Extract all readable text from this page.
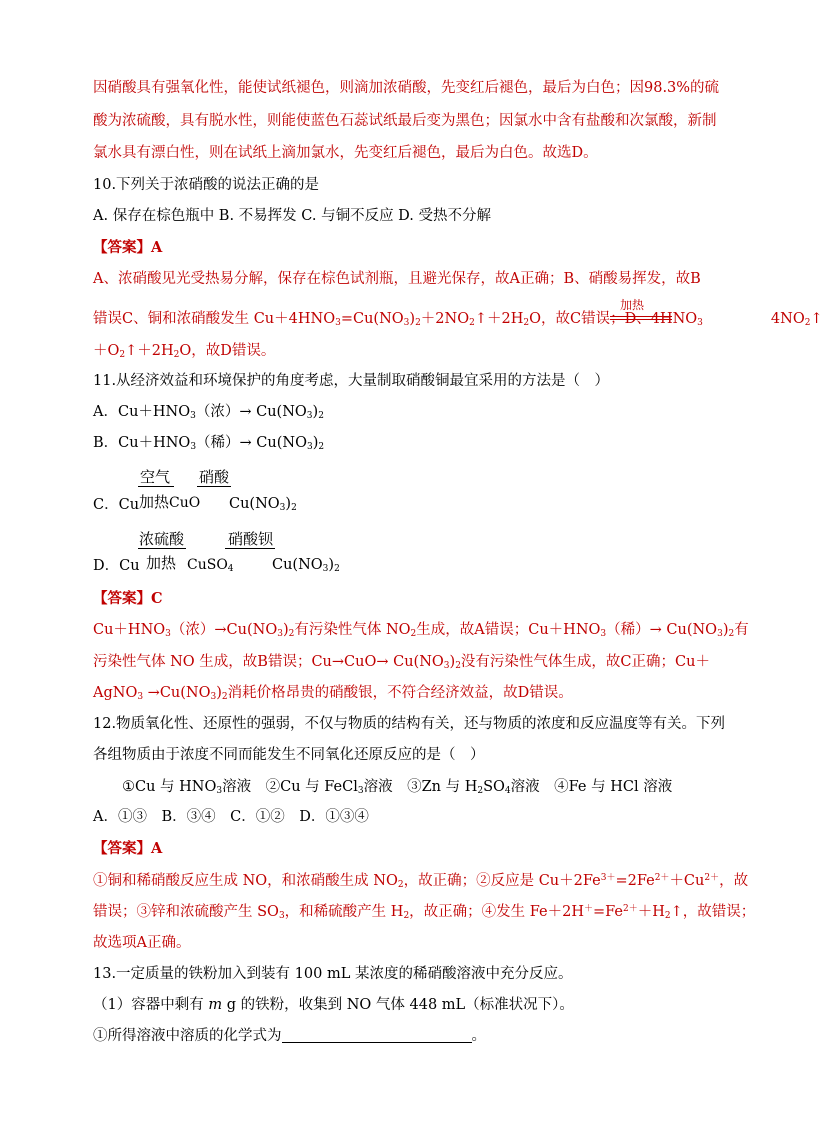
因硝酸具有强氧化性，能使试纸褪色，则滴加浓硝酸，先变红后褪色，最后为白色；因98.3%的硫
酸为浓硫酸，具有脱水性，则能使蓝色石蕊试纸最后变为黑色；因氯水中含有盐酸和次氯酸，新制
氯水具有漂白性，则在试纸上滴加氯水，先变红后褪色，最后为白色。故选D。
10.下列关于浓硝酸的说法正确的是
A. 保存在棕色瓶中 B. 不易挥发 C. 与铜不反应 D. 受热不分解
【答案】A
A、浓硝酸见光受热易分解，保存在棕色试剂瓶，且避光保存，故A正确；B、硝酸易挥发，故B
错误C、铜和浓硝酸发生 $Cu+4HNO_3=Cu(NO_3)_2+2NO_2↑+2H_2O$，故C错误；D、$4HNO_3$	$4NO_2↑$
加热
$+O_2↑+2H_2O$，故D错误。
11.从经济效益和环境保护的角度考虑，大量制取硝酸铜最宜采用的方法是（　）
A．$Cu+HNO_3$（浓）→ $Cu(NO_3)_2$
B．$Cu+HNO_3$（稀）→ $Cu(NO_3)_2$
空气 硝酸
C．Cu 加热CuO $Cu(NO_3)_2$
浓硫酸	硝酸钡
D．Cu 加热 CuSO$_4$	$Cu(NO_3)_2$
【答案】C
$Cu+HNO_3$（浓）$\to Cu(NO_3)_2$有污染性气体 $NO_2$生成，故A错误；$Cu+HNO_3$（稀）→ $Cu(NO_3)_2$有
污染性气体 NO 生成，故B错误；$Cu\to CuO\to Cu(NO_3)_2$没有污染性气体生成，故C正确；Cu＋
AgNO$_3$ $\to Cu(NO_3)_2$消耗价格昂贵的硝酸银，不符合经济效益，故D错误。
12.物质氧化性、还原性的强弱，不仅与物质的结构有关，还与物质的浓度和反应温度等有关。下列
各组物质由于浓度不同而能发生不同氧化还原反应的是（　）
①Cu 与 $HNO_3$溶液　②Cu 与 FeCl$_3$溶液　③Zn 与 $H_2SO_4$溶液　④Fe 与 HCl 溶液
A．①③　B．③④　C．①②　D．①③④
【答案】A
①铜和稀硝酸反应生成 NO，和浓硝酸生成 $NO_2$，故正确；②反应是 $Cu+2Fe^{3+}=2Fe^{2+}+Cu^{2+}$，故
错误；③锌和浓硫酸产生 $SO_3$，和稀硫酸产生 $H_2$，故正确；④发生 $Fe+2H^+=Fe^{2+}+H_2↑$，故错误；
故选项A正确。
13.一定质量的铁粉加入到装有 100 mL 某浓度的稀硝酸溶液中充分反应。
（1）容器中剩有 m g 的铁粉，收集到 NO 气体 448 mL（标准状况下）。
①所得溶液中溶质的化学式为	。
